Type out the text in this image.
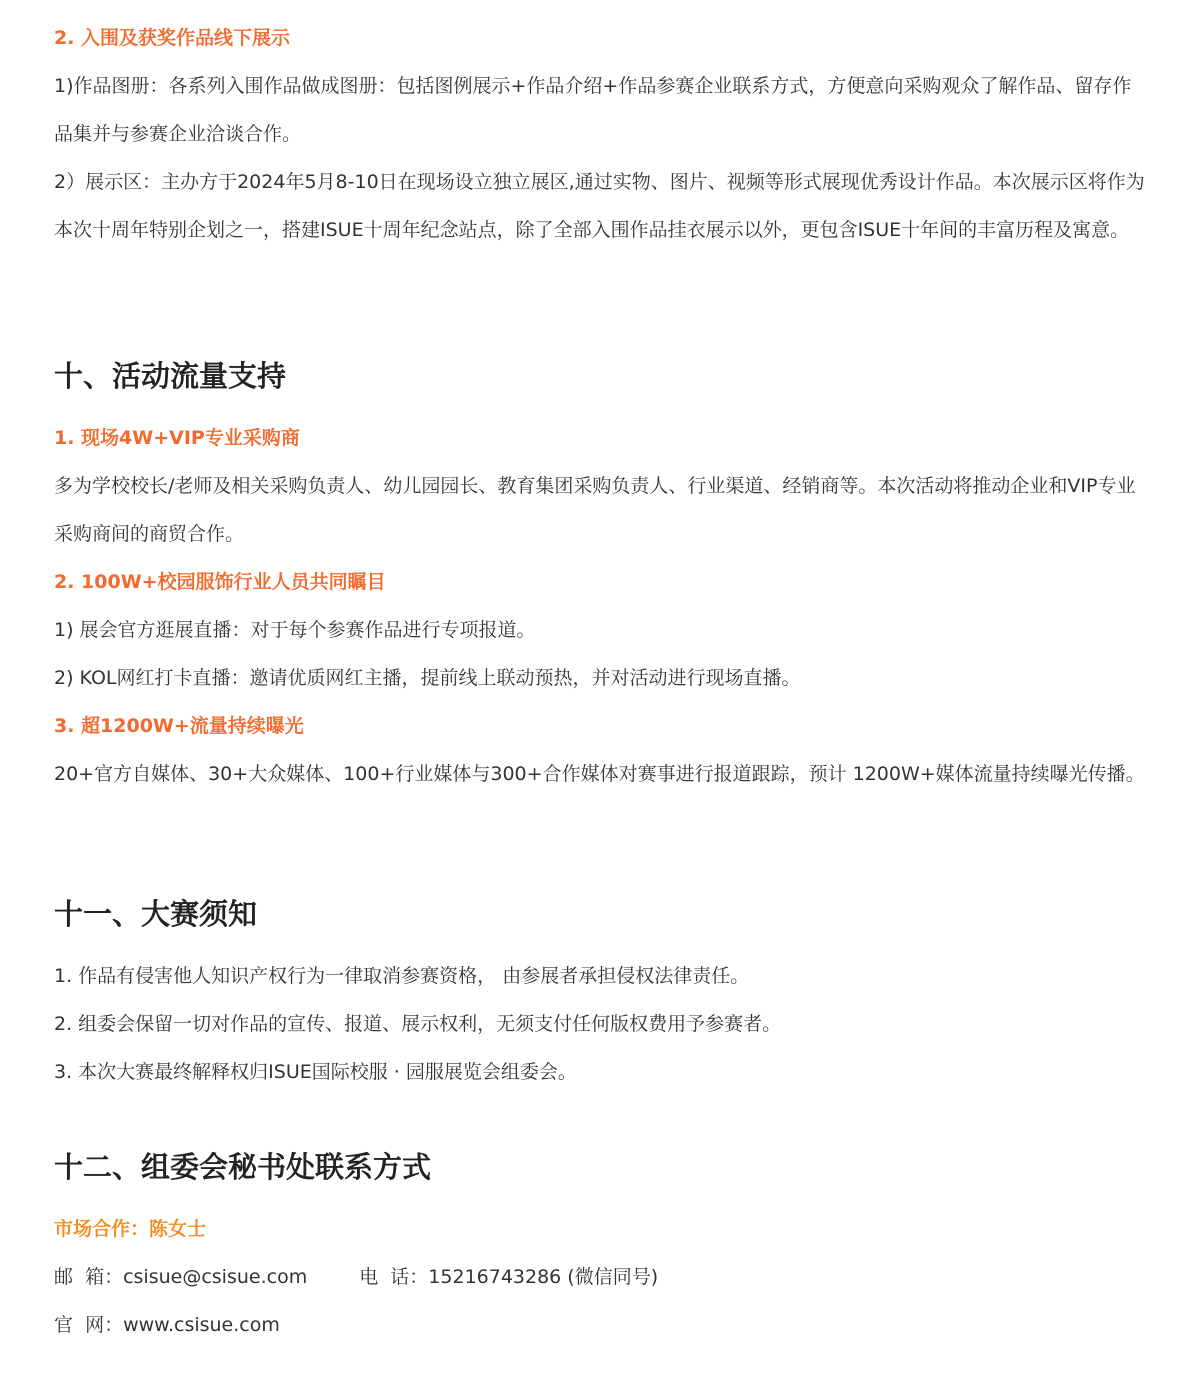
2. 入围及获奖作品线下展示

1)作品图册：各系列入围作品做成图册：包括图例展示+作品介绍+作品参赛企业联系方式，方便意向采购观众了解作品、留存作品集并与参赛企业洽谈合作。

2）展示区：主办方于2024年5月8-10日在现场设立独立展区,通过实物、图片、视频等形式展现优秀设计作品。本次展示区将作为本次十周年特别企划之一，搭建ISUE十周年纪念站点，除了全部入围作品挂衣展示以外，更包含ISUE十年间的丰富历程及寓意。

十、活动流量支持

1. 现场4W+VIP专业采购商

多为学校校长/老师及相关采购负责人、幼儿园园长、教育集团采购负责人、行业渠道、经销商等。本次活动将推动企业和VIP专业采购商间的商贸合作。

2. 100W+校园服饰行业人员共同瞩目

1) 展会官方逛展直播：对于每个参赛作品进行专项报道。

2) KOL网红打卡直播：邀请优质网红主播，提前线上联动预热，并对活动进行现场直播。

3. 超1200W+流量持续曝光

20+官方自媒体、30+大众媒体、100+行业媒体与300+合作媒体对赛事进行报道跟踪，预计 1200W+媒体流量持续曝光传播。

十一、大赛须知

1. 作品有侵害他人知识产权行为一律取消参赛资格， 由参展者承担侵权法律责任。

2. 组委会保留一切对作品的宣传、报道、展示权利，无须支付任何版权费用予参赛者。

3. 本次大赛最终解释权归ISUE国际校服 · 园服展览会组委会。

十二、组委会秘书处联系方式

市场合作：陈女士

邮  箱：csisue@csisue.com	电  话：15216743286 (微信同号)

官  网：www.csisue.com
